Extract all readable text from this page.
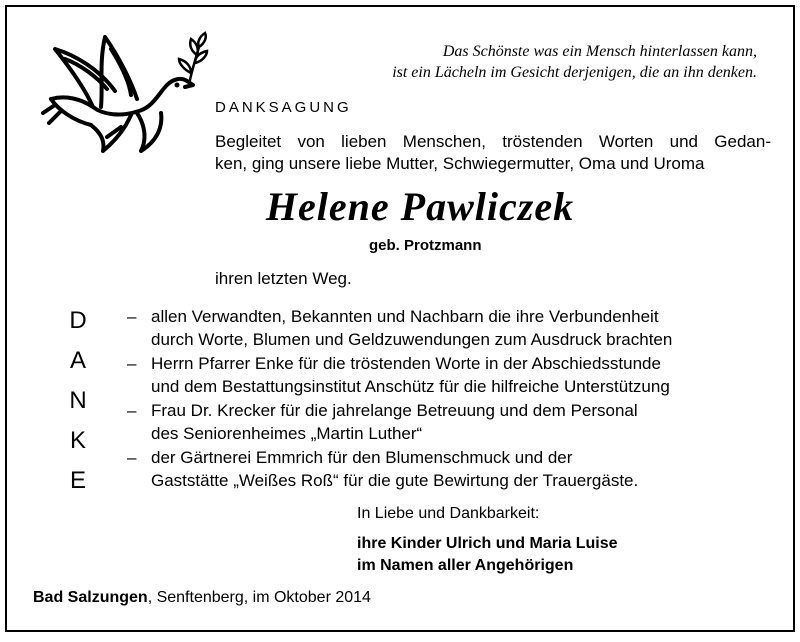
Das Schönste was ein Mensch hinterlassen kann,
ist ein Lächeln im Gesicht derjenigen, die an ihn denken.
DANKSAGUNG
Begleitet von lieben Menschen, tröstenden Worten und Gedan-
ken, ging unsere liebe Mutter, Schwiegermutter, Oma und Uroma
Helene Pawliczek
geb. Protzmann
ihren letzten Weg.
D
A
N
K
E
– allen Verwandten, Bekannten und Nachbarn die ihre Verbundenheit
durch Worte, Blumen und Geldzuwendungen zum Ausdruck brachten
– Herrn Pfarrer Enke für die tröstenden Worte in der Abschiedsstunde
und dem Bestattungsinstitut Anschütz für die hilfreiche Unterstützung
– Frau Dr. Krecker für die jahrelange Betreuung und dem Personal
des Seniorenheimes „Martin Luther“
– der Gärtnerei Emmrich für den Blumenschmuck und der
Gaststätte „Weißes Roß“ für die gute Bewirtung der Trauergäste.
In Liebe und Dankbarkeit:
ihre Kinder Ulrich und Maria Luise
im Namen aller Angehörigen
Bad Salzungen, Senftenberg, im Oktober 2014
